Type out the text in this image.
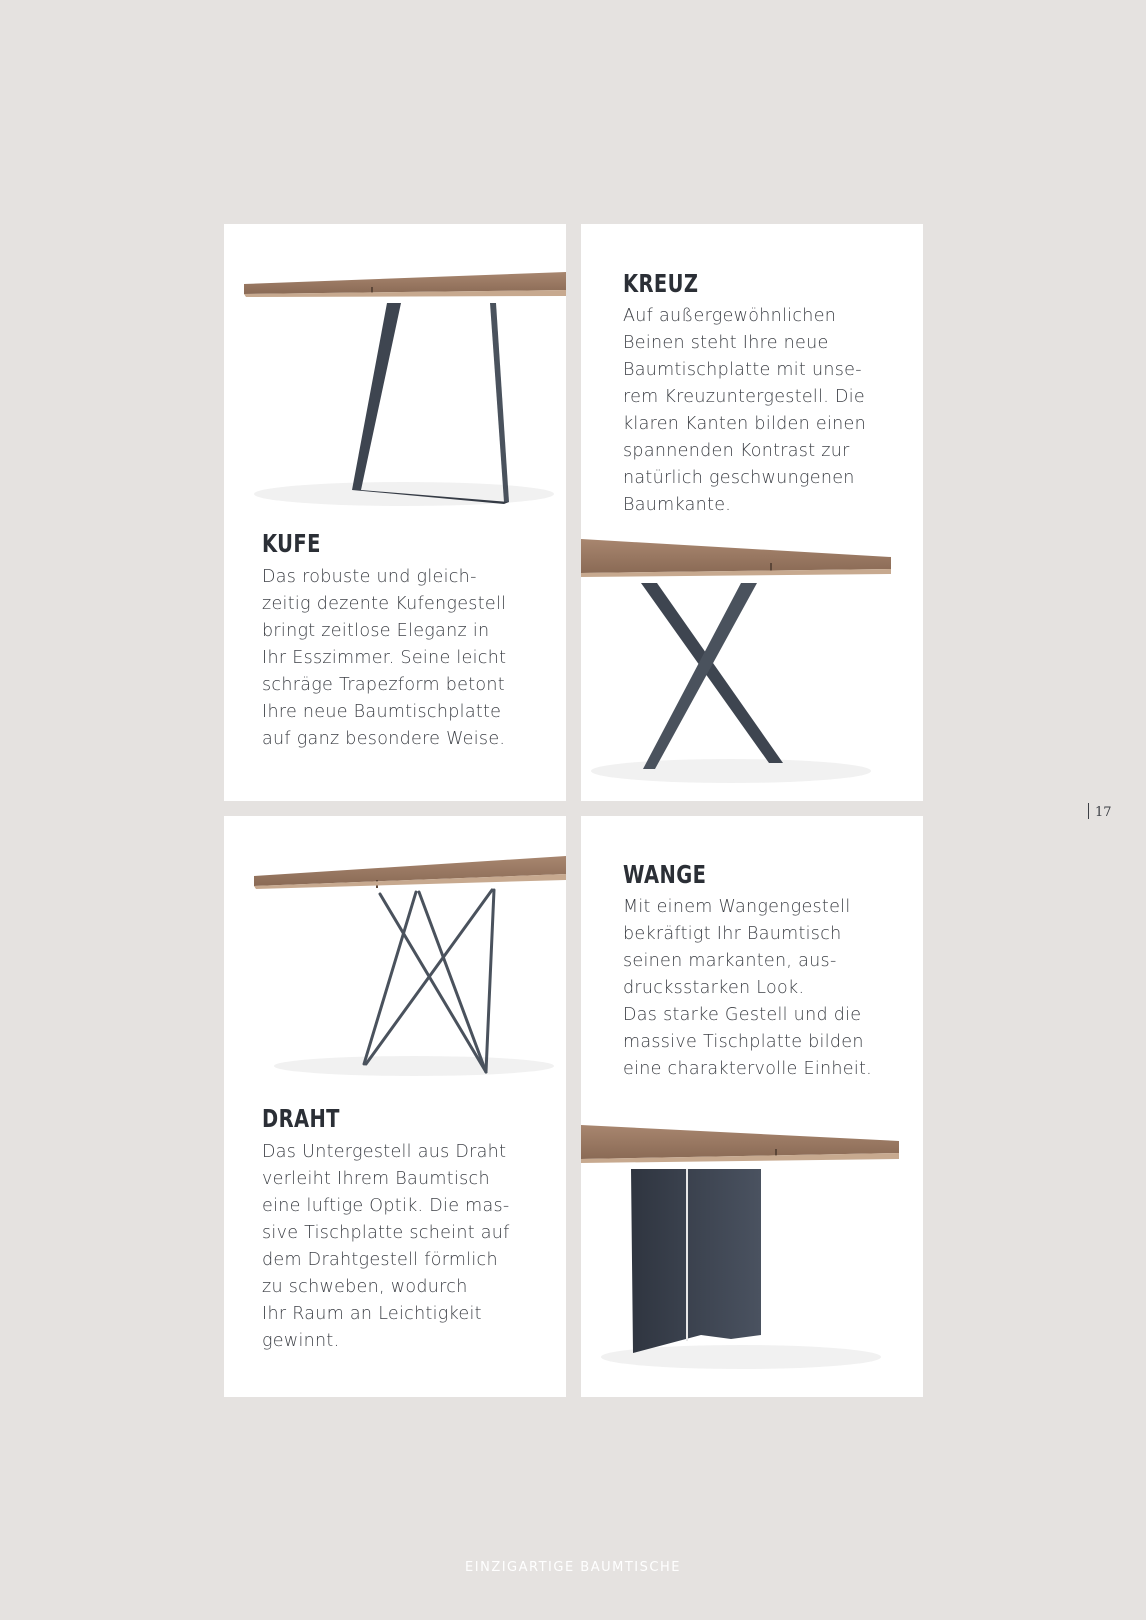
KUFE

Das robuste und gleich-
zeitig dezente Kufengestell
bringt zeitlose Eleganz in
Ihr Esszimmer. Seine leicht
schräge Trapezform betont
Ihre neue Baumtischplatte
auf ganz besondere Weise.

KREUZ

Auf außergewöhnlichen
Beinen steht Ihre neue
Baumtischplatte mit unse-
rem Kreuzuntergestell. Die
klaren Kanten bilden einen
spannenden Kontrast zur
natürlich geschwungenen
Baumkante.

DRAHT

Das Untergestell aus Draht
verleiht Ihrem Baumtisch
eine luftige Optik. Die mas-
sive Tischplatte scheint auf
dem Drahtgestell förmlich
zu schweben, wodurch
Ihr Raum an Leichtigkeit
gewinnt.

WANGE

Mit einem Wangengestell
bekräftigt Ihr Baumtisch
seinen markanten, aus-
drucksstarken Look.
Das starke Gestell und die
massive Tischplatte bilden
eine charaktervolle Einheit.

17
EINZIGARTIGE BAUMTISCHE
